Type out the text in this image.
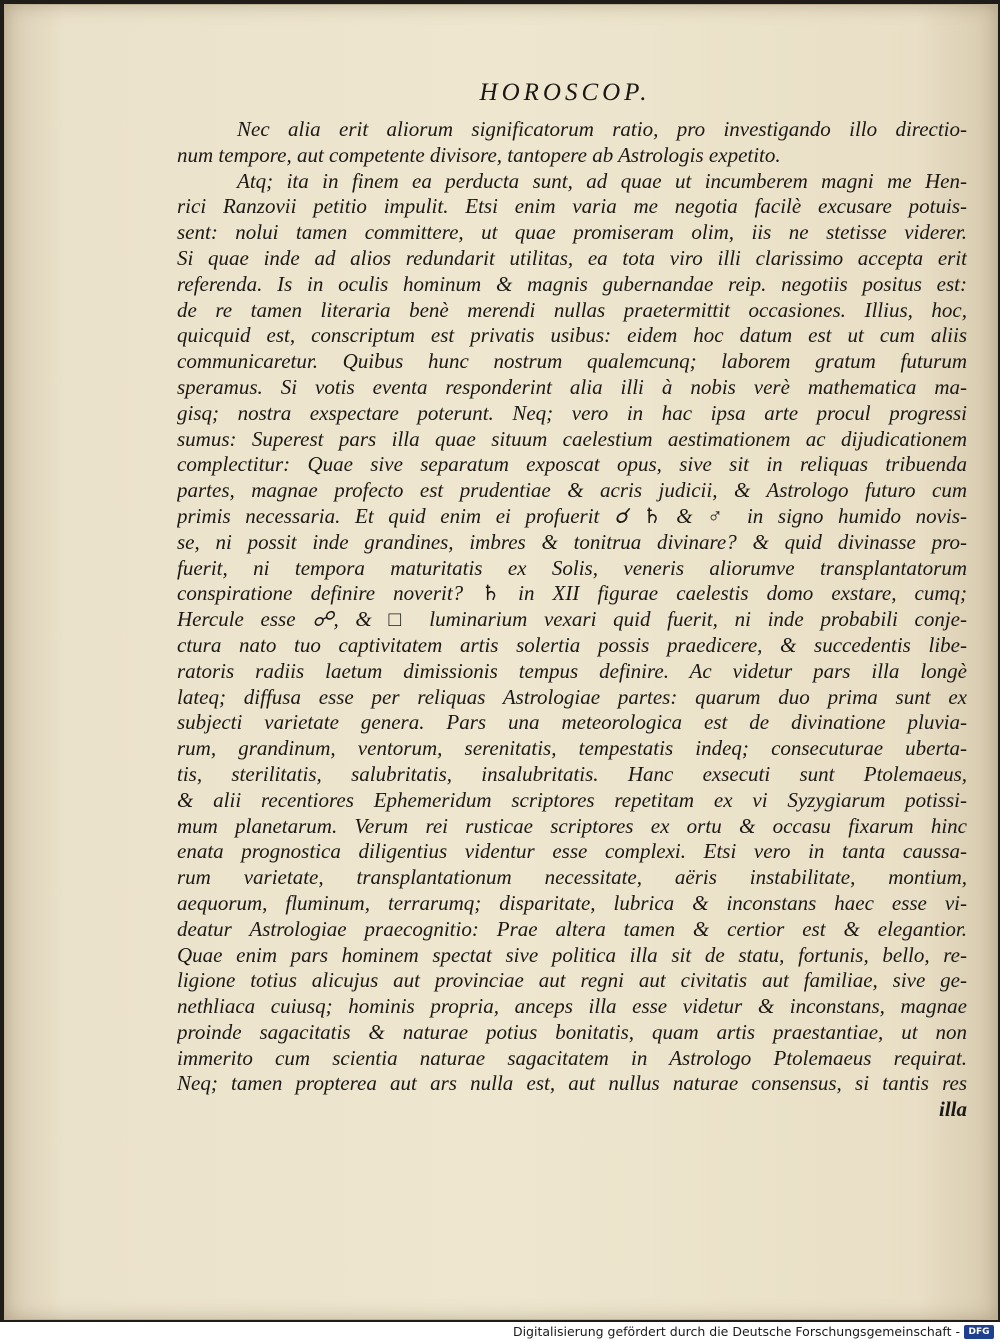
HOROSCOP.
Nec alia erit aliorum significatorum ratio, pro investigando illo directio-
num tempore, aut competente divisore, tantopere ab Astrologis expetito.
Atq; ita in finem ea perducta sunt, ad quae ut incumberem magni me Hen-
rici Ranzovii petitio impulit. Etsi enim varia me negotia facilè excusare potuis-
sent: nolui tamen committere, ut quae promiseram olim, iis ne stetisse viderer.
Si quae inde ad alios redundarit utilitas, ea tota viro illi clarissimo accepta erit
referenda. Is in oculis hominum & magnis gubernandae reip. negotiis positus est:
de re tamen literaria benè merendi nullas praetermittit occasiones. Illius, hoc,
quicquid est, conscriptum est privatis usibus: eidem hoc datum est ut cum aliis
communicaretur. Quibus hunc nostrum qualemcunq; laborem gratum futurum
speramus. Si votis eventa responderint alia illi à nobis verè mathematica ma-
gisq; nostra exspectare poterunt. Neq; vero in hac ipsa arte procul progressi
sumus: Superest pars illa quae situum caelestium aestimationem ac dijudicationem
complectitur: Quae sive separatum exposcat opus, sive sit in reliquas tribuenda
partes, magnae profecto est prudentiae & acris judicii, & Astrologo futuro cum
primis necessaria. Et quid enim ei profuerit ☌ ♄ & ♂ in signo humido novis-
se, ni possit inde grandines, imbres & tonitrua divinare? & quid divinasse pro-
fuerit, ni tempora maturitatis ex Solis, veneris aliorumve transplantatorum
conspiratione definire noverit? ♄ in XII figurae caelestis domo exstare, cumq;
Hercule esse ☍, & □ luminarium vexari quid fuerit, ni inde probabili conje-
ctura nato tuo captivitatem artis solertia possis praedicere, & succedentis libe-
ratoris radiis laetum dimissionis tempus definire. Ac videtur pars illa longè
lateq; diffusa esse per reliquas Astrologiae partes: quarum duo prima sunt ex
subjecti varietate genera. Pars una meteorologica est de divinatione pluvia-
rum, grandinum, ventorum, serenitatis, tempestatis indeq; consecuturae uberta-
tis, sterilitatis, salubritatis, insalubritatis. Hanc exsecuti sunt Ptolemaeus,
& alii recentiores Ephemeridum scriptores repetitam ex vi Syzygiarum potissi-
mum planetarum. Verum rei rusticae scriptores ex ortu & occasu fixarum hinc
enata prognostica diligentius videntur esse complexi. Etsi vero in tanta caussa-
rum varietate, transplantationum necessitate, aëris instabilitate, montium,
aequorum, fluminum, terrarumq; disparitate, lubrica & inconstans haec esse vi-
deatur Astrologiae praecognitio: Prae altera tamen & certior est & elegantior.
Quae enim pars hominem spectat sive politica illa sit de statu, fortunis, bello, re-
ligione totius alicujus aut provinciae aut regni aut civitatis aut familiae, sive ge-
nethliaca cuiusq; hominis propria, anceps illa esse videtur & inconstans, magnae
proinde sagacitatis & naturae potius bonitatis, quam artis praestantiae, ut non
immerito cum scientia naturae sagacitatem in Astrologo Ptolemaeus requirat.
Neq; tamen propterea aut ars nulla est, aut nullus naturae consensus, si tantis res
illa
Digitalisierung gefördert durch die Deutsche Forschungsgemeinschaft - DFG
